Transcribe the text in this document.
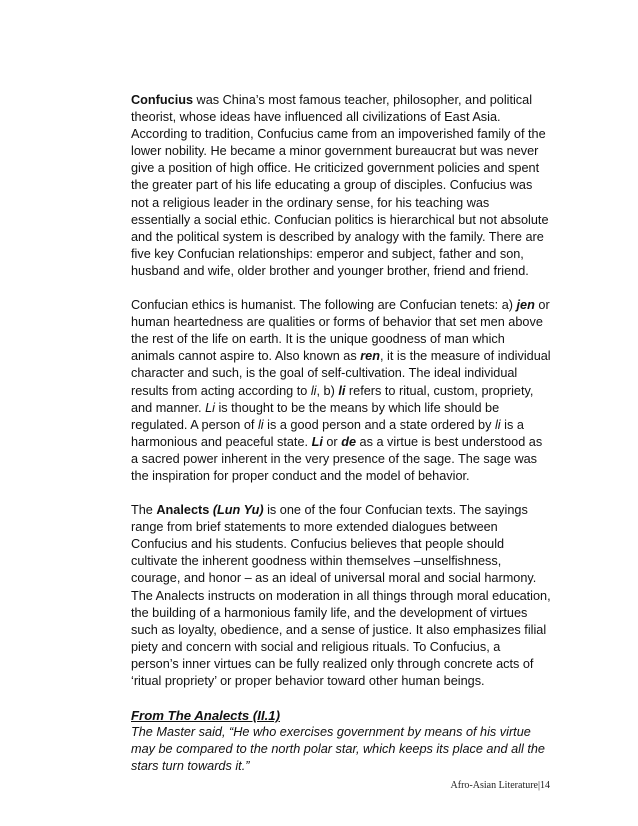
Confucius was China’s most famous teacher, philosopher, and political theorist, whose ideas have influenced all civilizations of East Asia. According to tradition, Confucius came from an impoverished family of the lower nobility. He became a minor government bureaucrat but was never give a position of high office. He criticized government policies and spent the greater part of his life educating a group of disciples. Confucius was not a religious leader in the ordinary sense, for his teaching was essentially a social ethic. Confucian politics is hierarchical but not absolute and the political system is described by analogy with the family. There are five key Confucian relationships: emperor and subject, father and son, husband and wife, older brother and younger brother, friend and friend.

Confucian ethics is humanist. The following are Confucian tenets: a) jen or human heartedness are qualities or forms of behavior that set men above the rest of the life on earth. It is the unique goodness of man which animals cannot aspire to. Also known as ren, it is the measure of individual character and such, is the goal of self-cultivation. The ideal individual results from acting according to li, b) li refers to ritual, custom, propriety, and manner. Li is thought to be the means by which life should be regulated. A person of li is a good person and a state ordered by li is a harmonious and peaceful state. Li or de as a virtue is best understood as a sacred power inherent in the very presence of the sage. The sage was the inspiration for proper conduct and the model of behavior.

The Analects (Lun Yu) is one of the four Confucian texts. The sayings range from brief statements to more extended dialogues between Confucius and his students. Confucius believes that people should cultivate the inherent goodness within themselves –unselfishness, courage, and honor – as an ideal of universal moral and social harmony. The Analects instructs on moderation in all things through moral education, the building of a harmonious family life, and the development of virtues such as loyalty, obedience, and a sense of justice. It also emphasizes filial piety and concern with social and religious rituals. To Confucius, a person’s inner virtues can be fully realized only through concrete acts of ‘ritual propriety’ or proper behavior toward other human beings.

From The Analects (II.1)

The Master said, “He who exercises government by means of his virtue may be compared to the north polar star, which keeps its place and all the stars turn towards it.”

Afro-Asian Literature|14
